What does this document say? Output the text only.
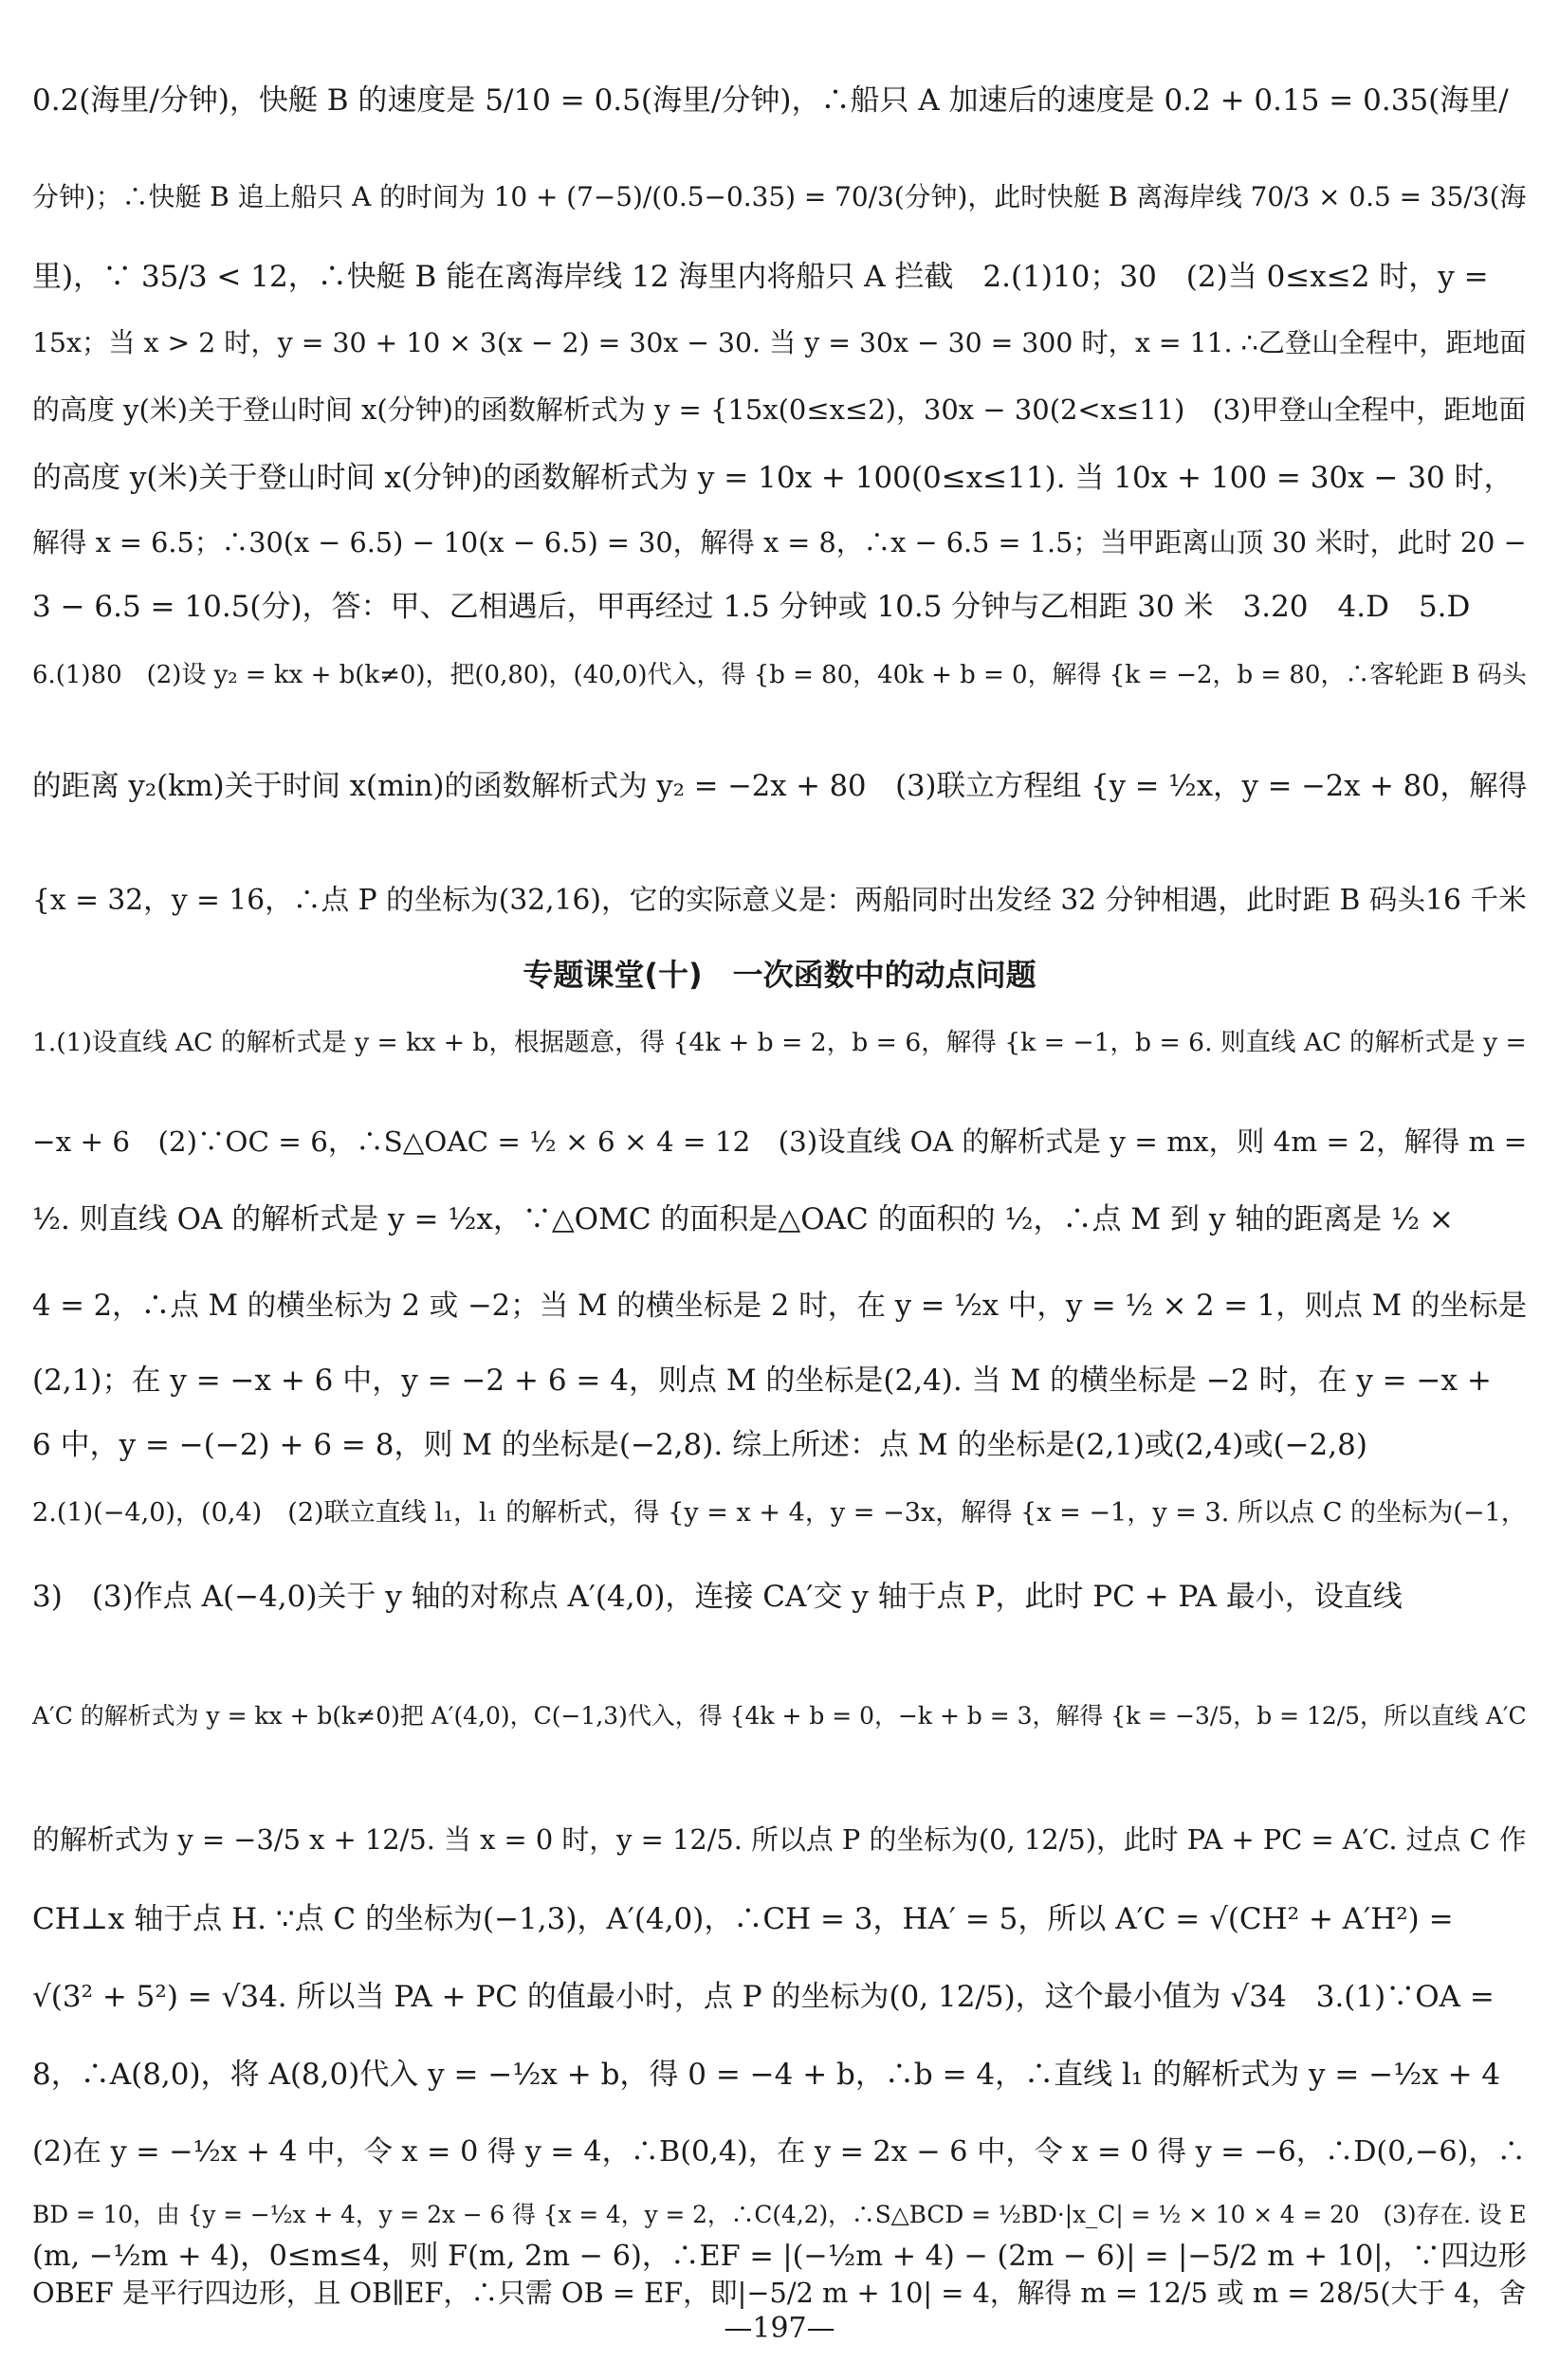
0.2(海里/分钟)，快艇 B 的速度是 5/10 = 0.5(海里/分钟)，∴船只 A 加速后的速度是 0.2 + 0.15 = 0.35(海里/
分钟)；∴快艇 B 追上船只 A 的时间为 10 + (7−5)/(0.5−0.35) = 70/3(分钟)，此时快艇 B 离海岸线 70/3 × 0.5 = 35/3(海
里)，∵ 35/3 < 12，∴快艇 B 能在离海岸线 12 海里内将船只 A 拦截　2.(1)10；30　(2)当 0≤x≤2 时，y =
15x；当 x > 2 时，y = 30 + 10 × 3(x − 2) = 30x − 30. 当 y = 30x − 30 = 300 时，x = 11. ∴乙登山全程中，距地面
的高度 y(米)关于登山时间 x(分钟)的函数解析式为 y = {15x(0≤x≤2)，30x − 30(2<x≤11)　(3)甲登山全程中，距地面
的高度 y(米)关于登山时间 x(分钟)的函数解析式为 y = 10x + 100(0≤x≤11). 当 10x + 100 = 30x − 30 时，
解得 x = 6.5；∴30(x − 6.5) − 10(x − 6.5) = 30，解得 x = 8，∴x − 6.5 = 1.5；当甲距离山顶 30 米时，此时 20 −
3 − 6.5 = 10.5(分)，答：甲、乙相遇后，甲再经过 1.5 分钟或 10.5 分钟与乙相距 30 米　3.20　4.D　5.D
6.(1)80　(2)设 y₂ = kx + b(k≠0)，把(0,80)，(40,0)代入，得 {b = 80，40k + b = 0，解得 {k = −2，b = 80，∴客轮距 B 码头
的距离 y₂(km)关于时间 x(min)的函数解析式为 y₂ = −2x + 80　(3)联立方程组 {y = ½x，y = −2x + 80，解得
{x = 32，y = 16，∴点 P 的坐标为(32,16)，它的实际意义是：两船同时出发经 32 分钟相遇，此时距 B 码头16 千米
专题课堂(十)　一次函数中的动点问题
1.(1)设直线 AC 的解析式是 y = kx + b，根据题意，得 {4k + b = 2，b = 6，解得 {k = −1，b = 6. 则直线 AC 的解析式是 y =
−x + 6　(2)∵OC = 6，∴S△OAC = ½ × 6 × 4 = 12　(3)设直线 OA 的解析式是 y = mx，则 4m = 2，解得 m =
½. 则直线 OA 的解析式是 y = ½x，∵△OMC 的面积是△OAC 的面积的 ½，∴点 M 到 y 轴的距离是 ½ ×
4 = 2，∴点 M 的横坐标为 2 或 −2；当 M 的横坐标是 2 时，在 y = ½x 中，y = ½ × 2 = 1，则点 M 的坐标是
(2,1)；在 y = −x + 6 中，y = −2 + 6 = 4，则点 M 的坐标是(2,4). 当 M 的横坐标是 −2 时，在 y = −x +
6 中，y = −(−2) + 6 = 8，则 M 的坐标是(−2,8). 综上所述：点 M 的坐标是(2,1)或(2,4)或(−2,8)
2.(1)(−4,0)，(0,4)　(2)联立直线 l₁，l₁ 的解析式，得 {y = x + 4，y = −3x，解得 {x = −1，y = 3. 所以点 C 的坐标为(−1，
3)　(3)作点 A(−4,0)关于 y 轴的对称点 A′(4,0)，连接 CA′交 y 轴于点 P，此时 PC + PA 最小，设直线
A′C 的解析式为 y = kx + b(k≠0)把 A′(4,0)，C(−1,3)代入，得 {4k + b = 0，−k + b = 3，解得 {k = −3/5，b = 12/5，所以直线 A′C
的解析式为 y = −3/5 x + 12/5. 当 x = 0 时，y = 12/5. 所以点 P 的坐标为(0, 12/5)，此时 PA + PC = A′C. 过点 C 作
CH⊥x 轴于点 H. ∵点 C 的坐标为(−1,3)，A′(4,0)，∴CH = 3，HA′ = 5，所以 A′C = √(CH² + A′H²) =
√(3² + 5²) = √34. 所以当 PA + PC 的值最小时，点 P 的坐标为(0, 12/5)，这个最小值为 √34　3.(1)∵OA =
8，∴A(8,0)，将 A(8,0)代入 y = −½x + b，得 0 = −4 + b，∴b = 4，∴直线 l₁ 的解析式为 y = −½x + 4
(2)在 y = −½x + 4 中，令 x = 0 得 y = 4，∴B(0,4)，在 y = 2x − 6 中，令 x = 0 得 y = −6，∴D(0,−6)，∴
BD = 10，由 {y = −½x + 4，y = 2x − 6 得 {x = 4，y = 2，∴C(4,2)，∴S△BCD = ½BD·|x_C| = ½ × 10 × 4 = 20　(3)存在. 设 E
—197—
(m, −½m + 4)，0≤m≤4，则 F(m, 2m − 6)，∴EF = |(−½m + 4) − (2m − 6)| = |−5/2 m + 10|，∵四边形
OBEF 是平行四边形，且 OB∥EF，∴只需 OB = EF，即|−5/2 m + 10| = 4，解得 m = 12/5 或 m = 28/5(大于 4，舍
